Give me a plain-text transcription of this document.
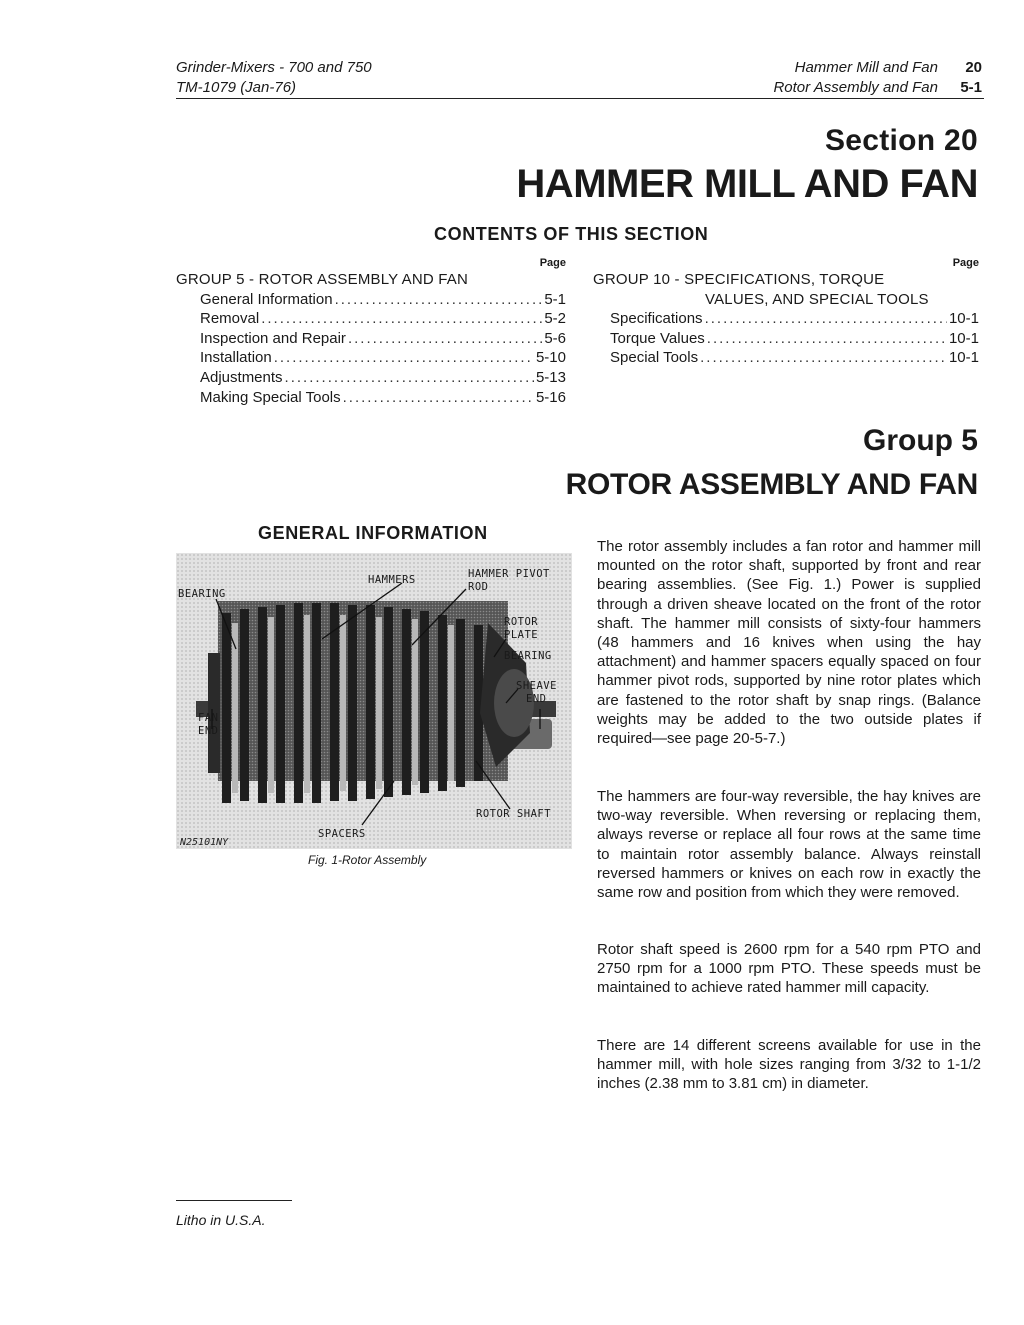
Grinder-Mixers - 700 and 750
TM-1079 (Jan-76)
Hammer Mill and Fan 20
Rotor Assembly and Fan 5-1
Section 20
HAMMER MILL AND FAN
CONTENTS OF THIS SECTION
Page
GROUP 5 - ROTOR ASSEMBLY AND FAN
General Information .....	5-1
Removal .....	5-2
Inspection and Repair .....	5-6
Installation .....	5-10
Adjustments .....	5-13
Making Special Tools .....	5-16
Page
GROUP 10 - SPECIFICATIONS, TORQUE
VALUES, AND SPECIAL TOOLS
Specifications .....	10-1
Torque Values .....	10-1
Special Tools .....	10-1
Group 5
ROTOR ASSEMBLY AND FAN
GENERAL INFORMATION
BEARING
HAMMERS	HAMMER PIVOT
ROD
ROTOR
PLATE
BEARING
SHEAVE
END
FAN
END
ROTOR SHAFT
SPACERS
N25101NY
Fig. 1-Rotor Assembly

The rotor assembly includes a fan rotor and hammer mill mounted on the rotor shaft, supported by front and rear bearing assemblies. (See Fig. 1.) Power is supplied through a driven sheave located on the front of the rotor shaft. The hammer mill consists of sixty-four hammers (48 hammers and 16 knives when using the hay attachment) and hammer spacers equally spaced on four hammer pivot rods, supported by nine rotor plates which are fastened to the rotor shaft by snap rings. (Balance weights may be added to the two outside plates if required—see page 20-5-7.)

The hammers are four-way reversible, the hay knives are two-way reversible. When reversing or replacing them, always reverse or replace all four rows at the same time to maintain rotor assembly balance. Always reinstall reversed hammers or knives on each row in exactly the same row and position from which they were removed.

Rotor shaft speed is 2600 rpm for a 540 rpm PTO and 2750 rpm for a 1000 rpm PTO. These speeds must be maintained to achieve rated hammer mill capacity.

There are 14 different screens available for use in the hammer mill, with hole sizes ranging from 3/32 to 1-1/2 inches (2.38 mm to 3.81 cm) in diameter.

Litho in U.S.A.
